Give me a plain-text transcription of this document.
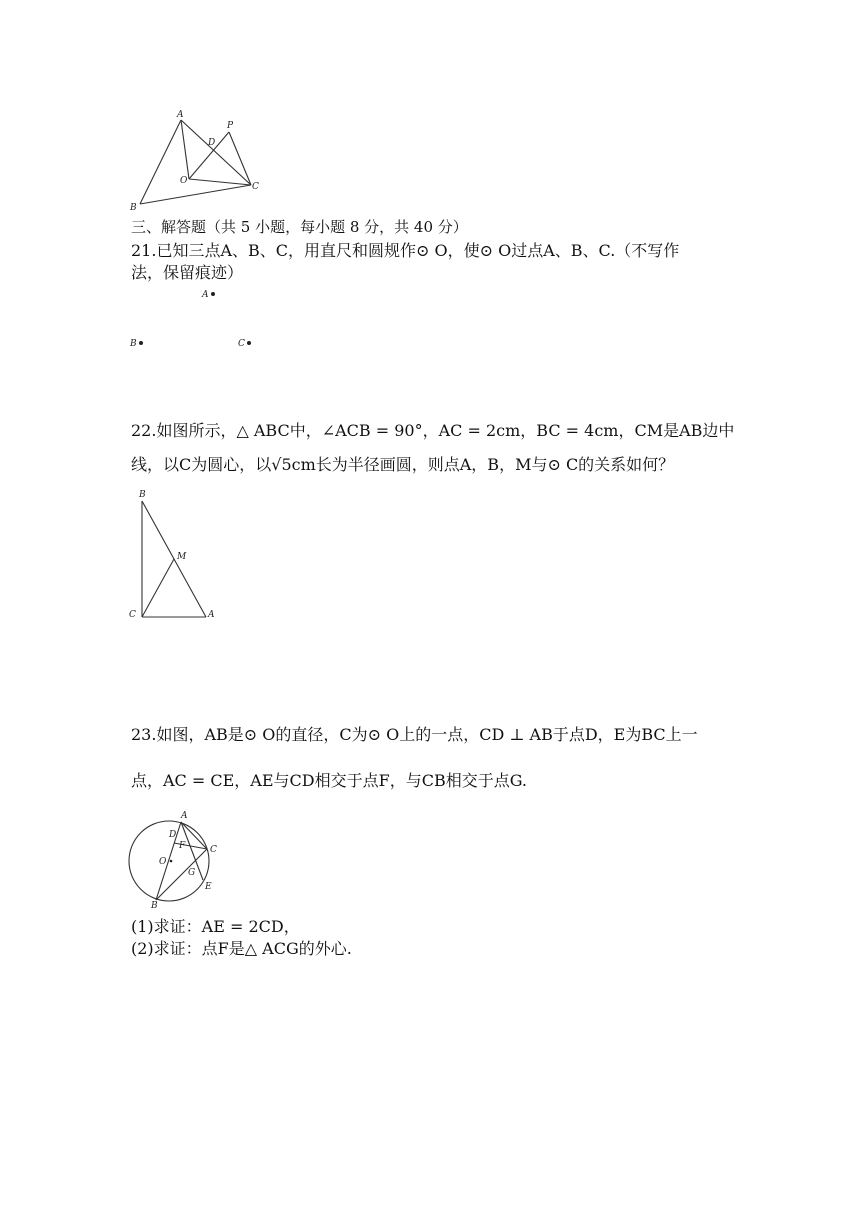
A
P
D
O
C
B
三、解答题（共 5 小题，每小题 8 分，共 40 分）
21.已知三点A、B、C，用直尺和圆规作⊙ O，使⊙ O过点A、B、C.（不写作
法，保留痕迹）
A
B	C
22.如图所示，△ ABC中，∠ACB = 90°，AC = 2cm，BC = 4cm，CM是AB边中
线，以C为圆心，以√5cm长为半径画圆，则点A，B，M与⊙ C的关系如何？
B
M
C	A
23.如图，AB是⊙ O的直径，C为⊙ O上的一点，CD ⊥ AB于点D，E为BC上一
点，AC = CE，AE与CD相交于点F，与CB相交于点G.
A
D
F	C
O
G
E
B
(1)求证：AE = 2CD，
(2)求证：点F是△ ACG的外心.
